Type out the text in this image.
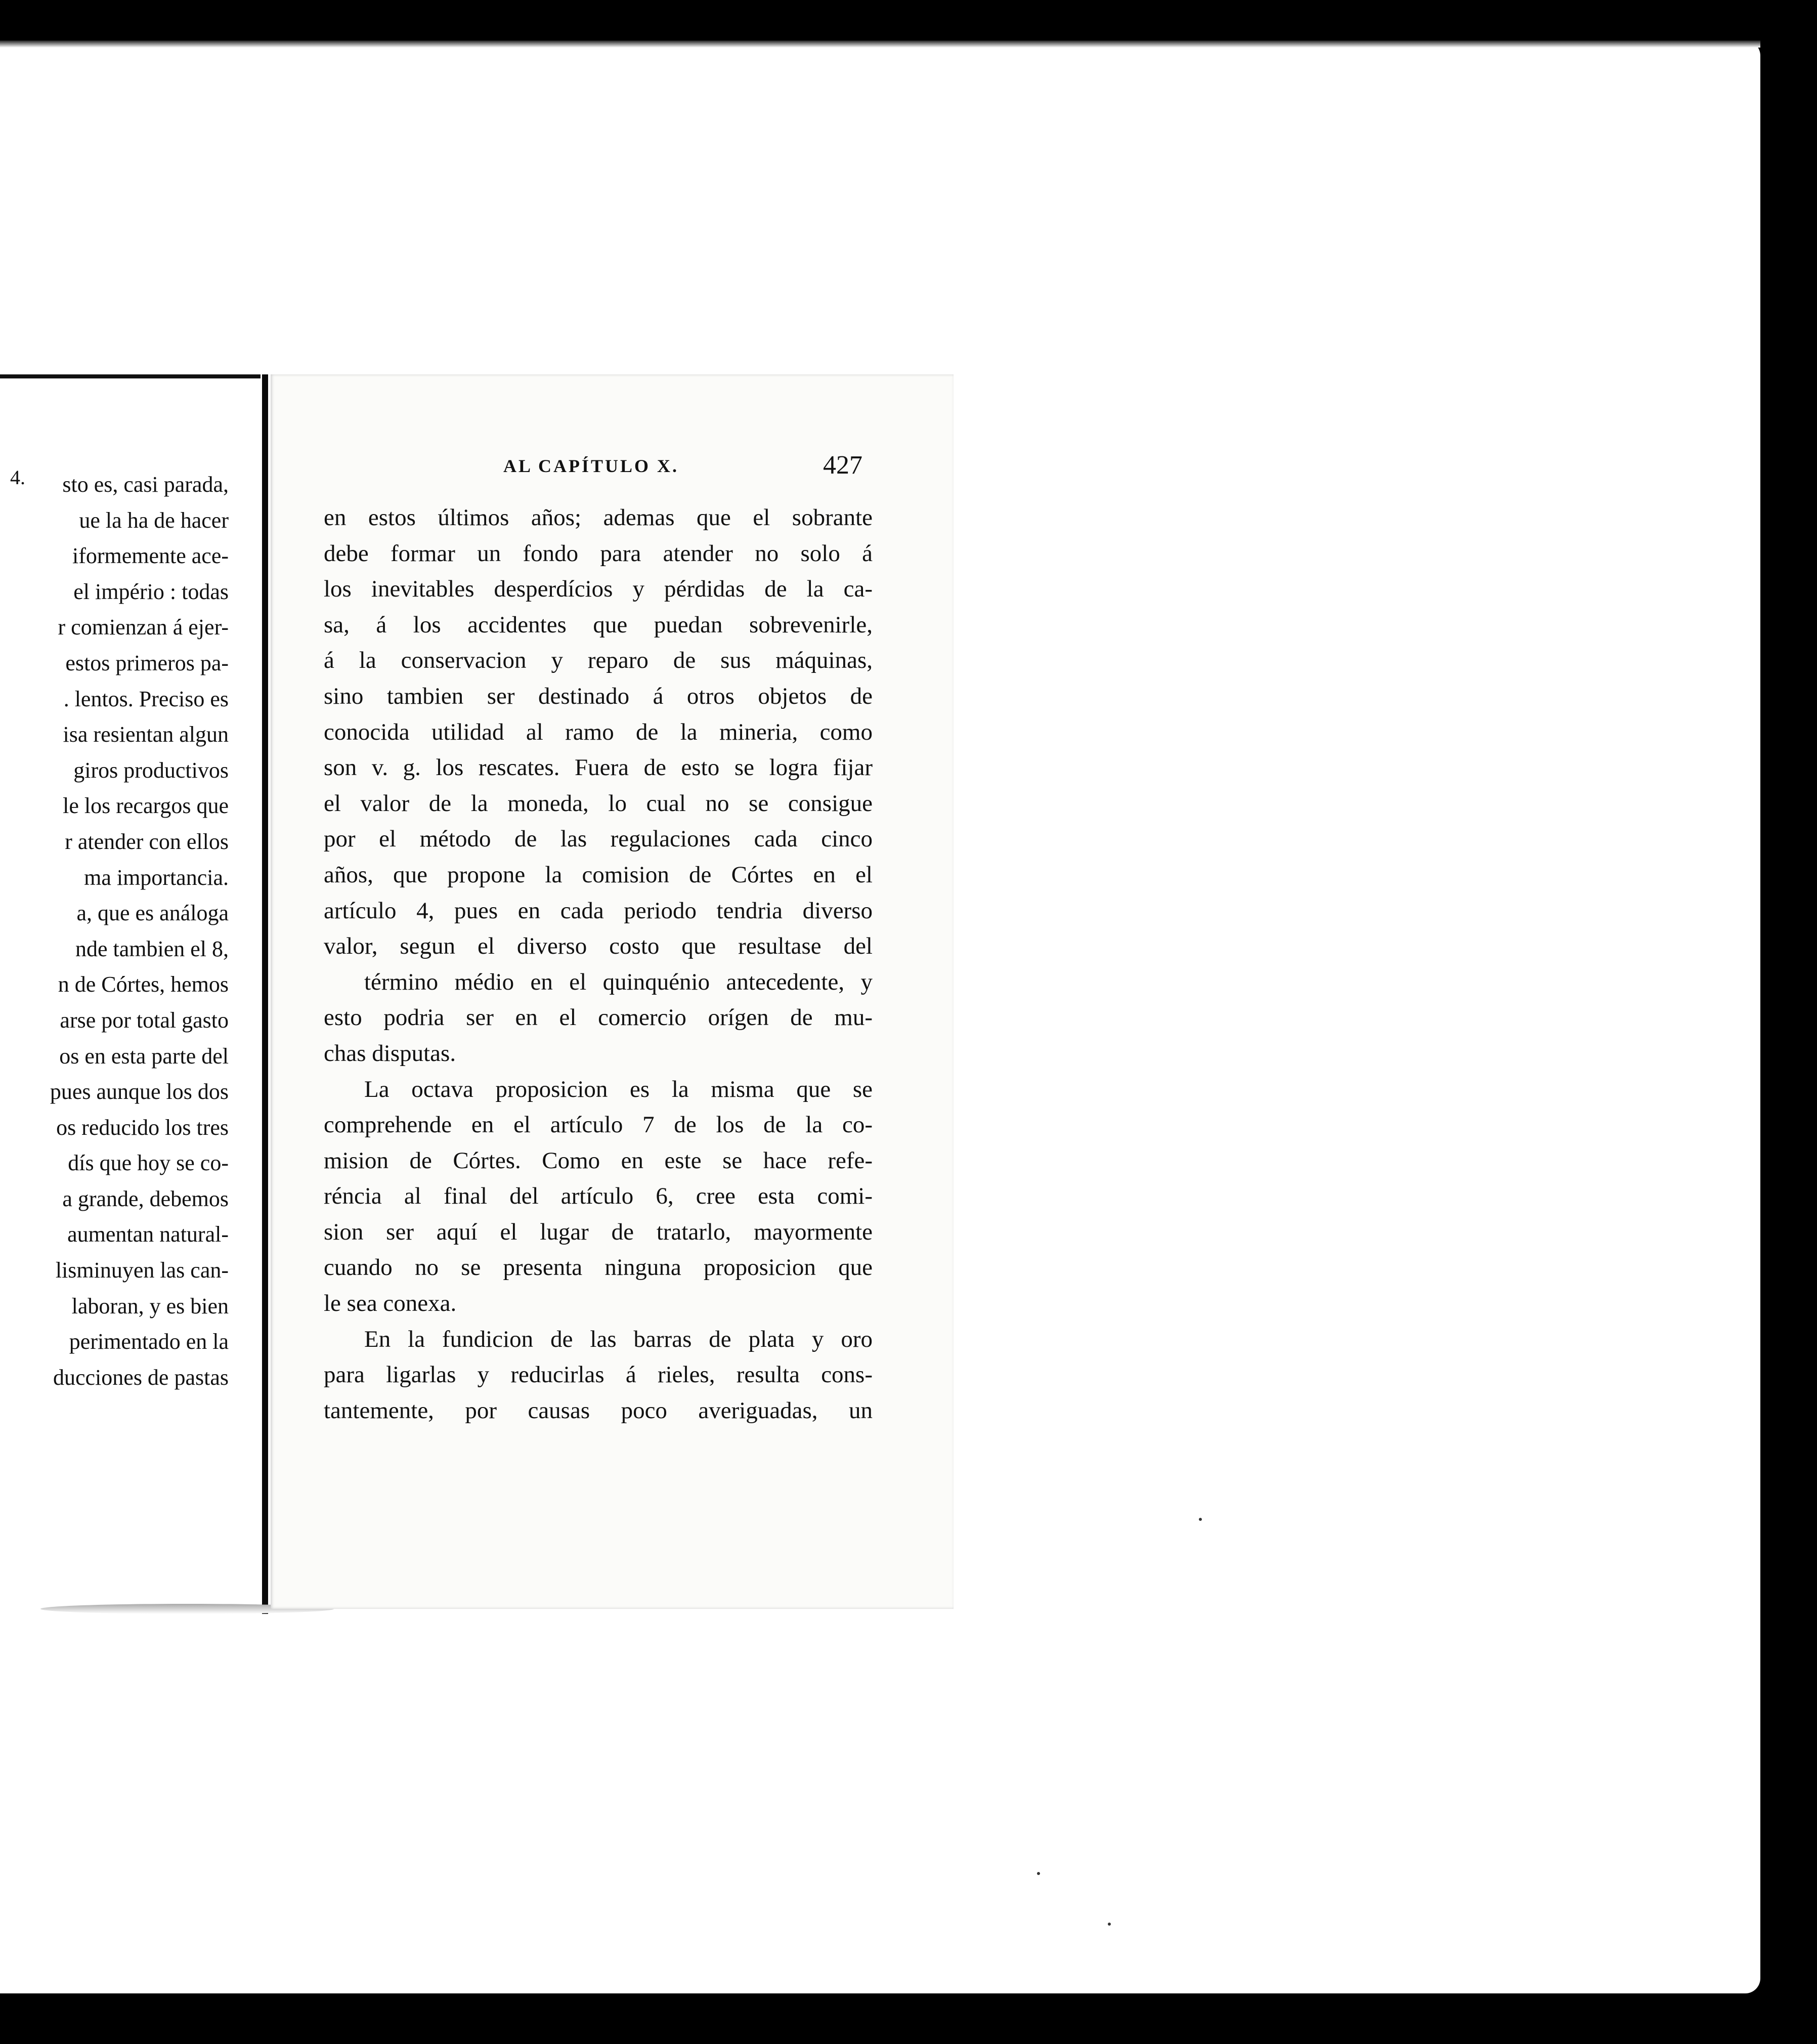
4.	sto es, casi parada,
ue la ha de hacer
iformemente ace-
el império : todas
r comienzan á ejer-
estos primeros pa-
. lentos. Preciso es
isa resientan algun
giros productivos
le los recargos que
r atender con ellos
ma importancia.
a, que es análoga
nde tambien el 8,
n de Córtes, hemos
arse por total gasto
os en esta parte del
pues aunque los dos
os reducido los tres
dís que hoy se co-
a grande, debemos
aumentan natural-
lisminuyen las can-
laboran, y es bien
perimentado en la
ducciones de pastas
AL CAPÍTULO X.	427
en estos últimos años; ademas que el sobrante
debe formar un fondo para atender no solo á
los inevitables desperdícios y pérdidas de la ca-
sa, á los accidentes que puedan sobrevenirle,
á la conservacion y reparo de sus máquinas,
sino tambien ser destinado á otros objetos de
conocida utilidad al ramo de la mineria, como
son v. g. los rescates. Fuera de esto se logra fijar
el valor de la moneda, lo cual no se consigue
por el método de las regulaciones cada cinco
años, que propone la comision de Córtes en el
artículo 4, pues en cada periodo tendria diverso
valor, segun el diverso costo que resultase del
término médio en el quinquénio antecedente, y
esto podria ser en el comercio orígen de mu-
chas disputas.
La octava proposicion es la misma que se
comprehende en el artículo 7 de los de la co-
mision de Córtes. Como en este se hace refe-
réncia al final del artículo 6, cree esta comi-
sion ser aquí el lugar de tratarlo, mayormente
cuando no se presenta ninguna proposicion que
le sea conexa.
En la fundicion de las barras de plata y oro
para ligarlas y reducirlas á rieles, resulta cons-
tantemente, por causas poco averiguadas, un
